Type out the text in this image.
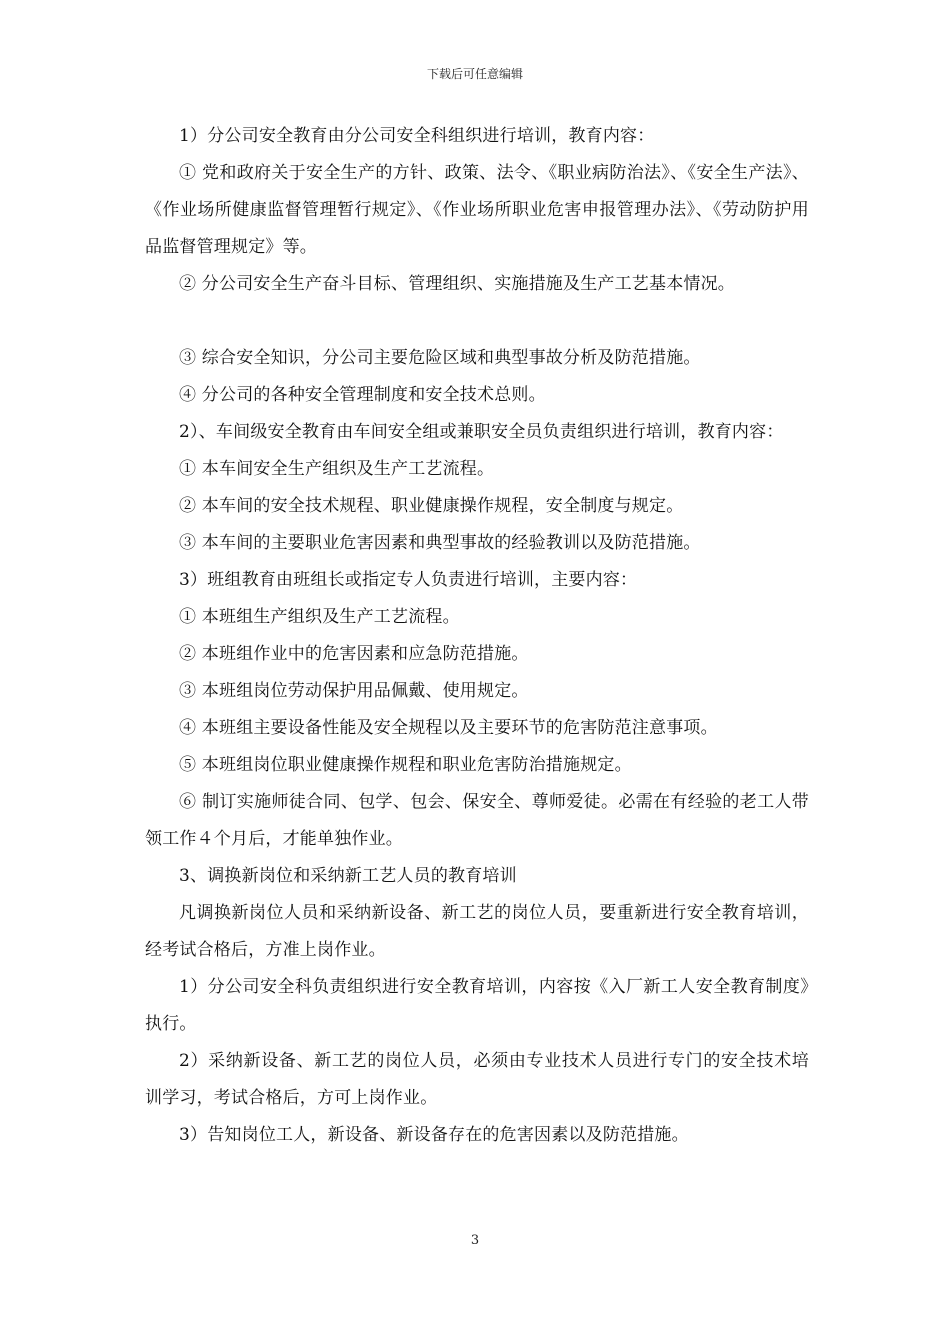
下载后可任意编辑

1）分公司安全教育由分公司安全科组织进行培训，教育内容：

① 党和政府关于安全生产的方针、政策、法令、《职业病防治法》、《安全生产法》、《作业场所健康监督管理暂行规定》、《作业场所职业危害申报管理办法》、《劳动防护用品监督管理规定》等。

② 分公司安全生产奋斗目标、管理组织、实施措施及生产工艺基本情况。

③ 综合安全知识，分公司主要危险区域和典型事故分析及防范措施。

④ 分公司的各种安全管理制度和安全技术总则。

2）、车间级安全教育由车间安全组或兼职安全员负责组织进行培训，教育内容：

① 本车间安全生产组织及生产工艺流程。

② 本车间的安全技术规程、职业健康操作规程，安全制度与规定。

③ 本车间的主要职业危害因素和典型事故的经验教训以及防范措施。

3）班组教育由班组长或指定专人负责进行培训，主要内容：

① 本班组生产组织及生产工艺流程。

② 本班组作业中的危害因素和应急防范措施。

③ 本班组岗位劳动保护用品佩戴、使用规定。

④ 本班组主要设备性能及安全规程以及主要环节的危害防范注意事项。

⑤ 本班组岗位职业健康操作规程和职业危害防治措施规定。

⑥ 制订实施师徒合同、包学、包会、保安全、尊师爱徒。必需在有经验的老工人带领工作４个月后，才能单独作业。

3、调换新岗位和采纳新工艺人员的教育培训

凡调换新岗位人员和采纳新设备、新工艺的岗位人员，要重新进行安全教育培训，经考试合格后，方准上岗作业。

1）分公司安全科负责组织进行安全教育培训，内容按《入厂新工人安全教育制度》执行。

2）采纳新设备、新工艺的岗位人员，必须由专业技术人员进行专门的安全技术培训学习，考试合格后，方可上岗作业。

3）告知岗位工人，新设备、新设备存在的危害因素以及防范措施。

3
